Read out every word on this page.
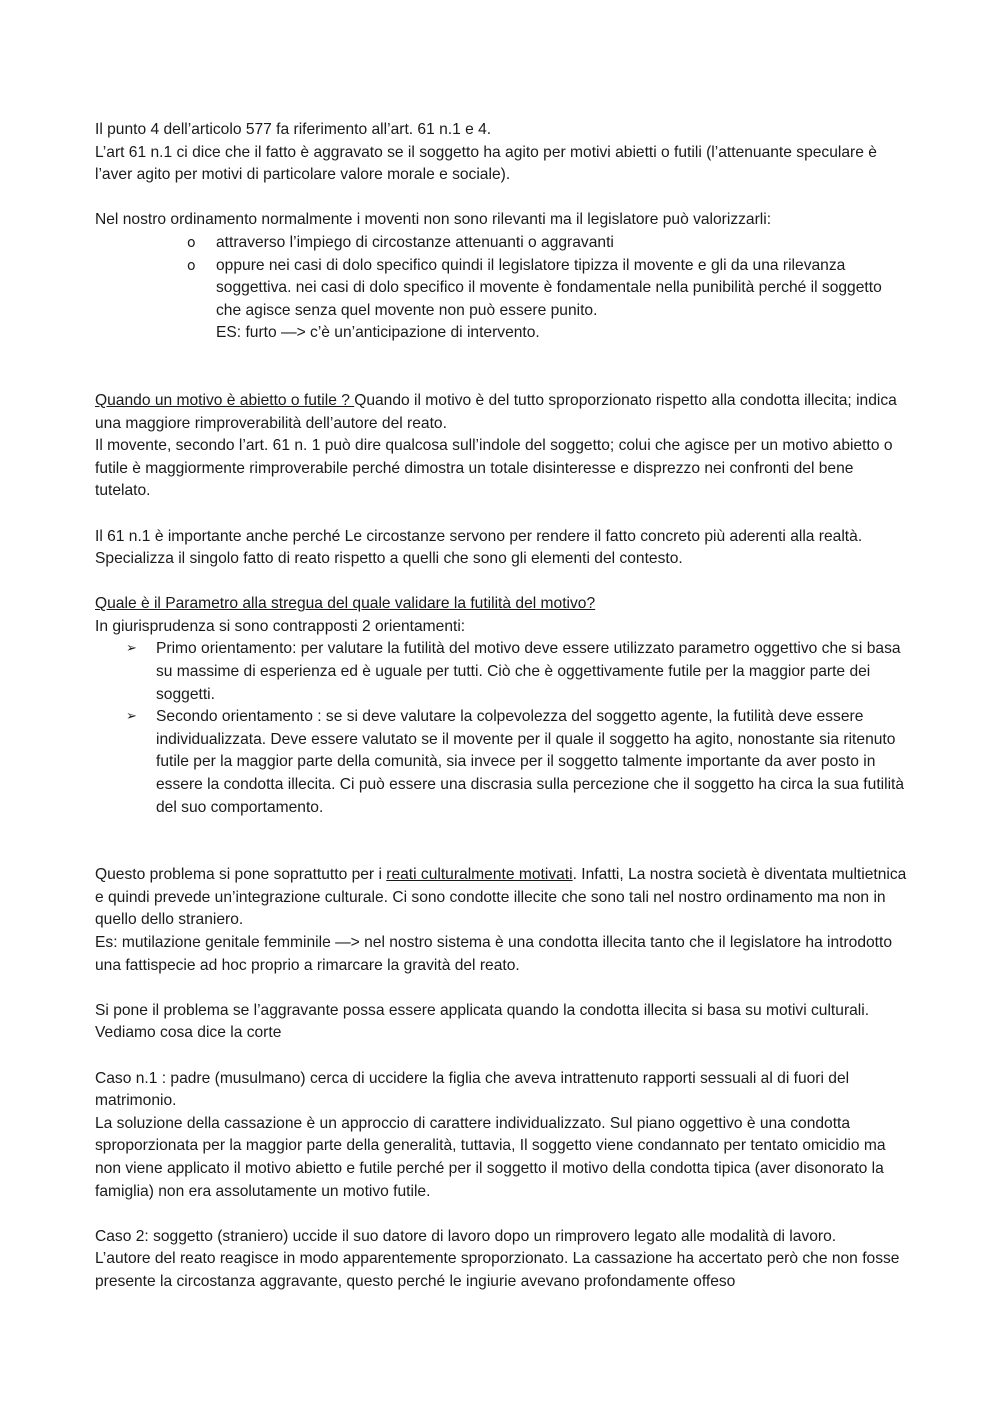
Il punto 4 dell’articolo 577 fa riferimento all’art. 61 n.1 e 4.

L’art 61 n.1 ci dice che il fatto è aggravato se il soggetto ha agito per motivi abietti o futili (l’attenuante speculare è l’aver agito per motivi di particolare valore morale e sociale).

Nel nostro ordinamento normalmente i moventi non sono rilevanti ma il legislatore può valorizzarli:

o attraverso l’impiego di circostanze attenuanti o aggravanti
o oppure nei casi di dolo specifico quindi il legislatore tipizza il movente e gli da una rilevanza soggettiva. nei casi di dolo specifico il movente è fondamentale nella punibilità perché il soggetto che agisce senza quel movente non può essere punito.
ES: furto —> c’è un’anticipazione di intervento.

Quando un motivo è abietto o futile ? Quando il motivo è del tutto sproporzionato rispetto alla condotta illecita; indica una maggiore rimproverabilità dell’autore del reato.

Il movente, secondo l’art. 61 n. 1 può dire qualcosa sull’indole del soggetto; colui che agisce per un motivo abietto o futile è maggiormente rimproverabile perché dimostra un totale disinteresse e disprezzo nei confronti del bene tutelato.

Il 61 n.1 è importante anche perché Le circostanze servono per rendere il fatto concreto più aderenti alla realtà. Specializza il singolo fatto di reato rispetto a quelli che sono gli elementi del contesto.

Quale è il Parametro alla stregua del quale validare la futilità del motivo?

In giurisprudenza si sono contrapposti 2 orientamenti:

➢ Primo orientamento: per valutare la futilità del motivo deve essere utilizzato parametro oggettivo che si basa su massime di esperienza ed è uguale per tutti. Ciò che è oggettivamente futile per la maggior parte dei soggetti.
➢ Secondo orientamento : se si deve valutare la colpevolezza del soggetto agente, la futilità deve essere individualizzata. Deve essere valutato se il movente per il quale il soggetto ha agito, nonostante sia ritenuto futile per la maggior parte della comunità, sia invece per il soggetto talmente importante da aver posto in essere la condotta illecita. Ci può essere una discrasia sulla percezione che il soggetto ha circa la sua futilità del suo comportamento.

Questo problema si pone soprattutto per i reati culturalmente motivati. Infatti, La nostra società è diventata multietnica e quindi prevede un’integrazione culturale. Ci sono condotte illecite che sono tali nel nostro ordinamento ma non in quello dello straniero.

Es: mutilazione genitale femminile —> nel nostro sistema è una condotta illecita tanto che il legislatore ha introdotto una fattispecie ad hoc proprio a rimarcare la gravità del reato.

Si pone il problema se l’aggravante possa essere applicata quando la condotta illecita si basa su motivi culturali. Vediamo cosa dice la corte

Caso n.1 : padre (musulmano) cerca di uccidere la figlia che aveva intrattenuto rapporti sessuali al di fuori del matrimonio.

La soluzione della cassazione è un approccio di carattere individualizzato. Sul piano oggettivo è una condotta sproporzionata per la maggior parte della generalità, tuttavia, Il soggetto viene condannato per tentato omicidio ma non viene applicato il motivo abietto e futile perché per il soggetto il motivo della condotta tipica (aver disonorato la famiglia) non era assolutamente un motivo futile.

Caso 2: soggetto (straniero) uccide il suo datore di lavoro dopo un rimprovero legato alle modalità di lavoro.

L’autore del reato reagisce in modo apparentemente sproporzionato. La cassazione ha accertato però che non fosse presente la circostanza aggravante, questo perché le ingiurie avevano profondamente offeso
